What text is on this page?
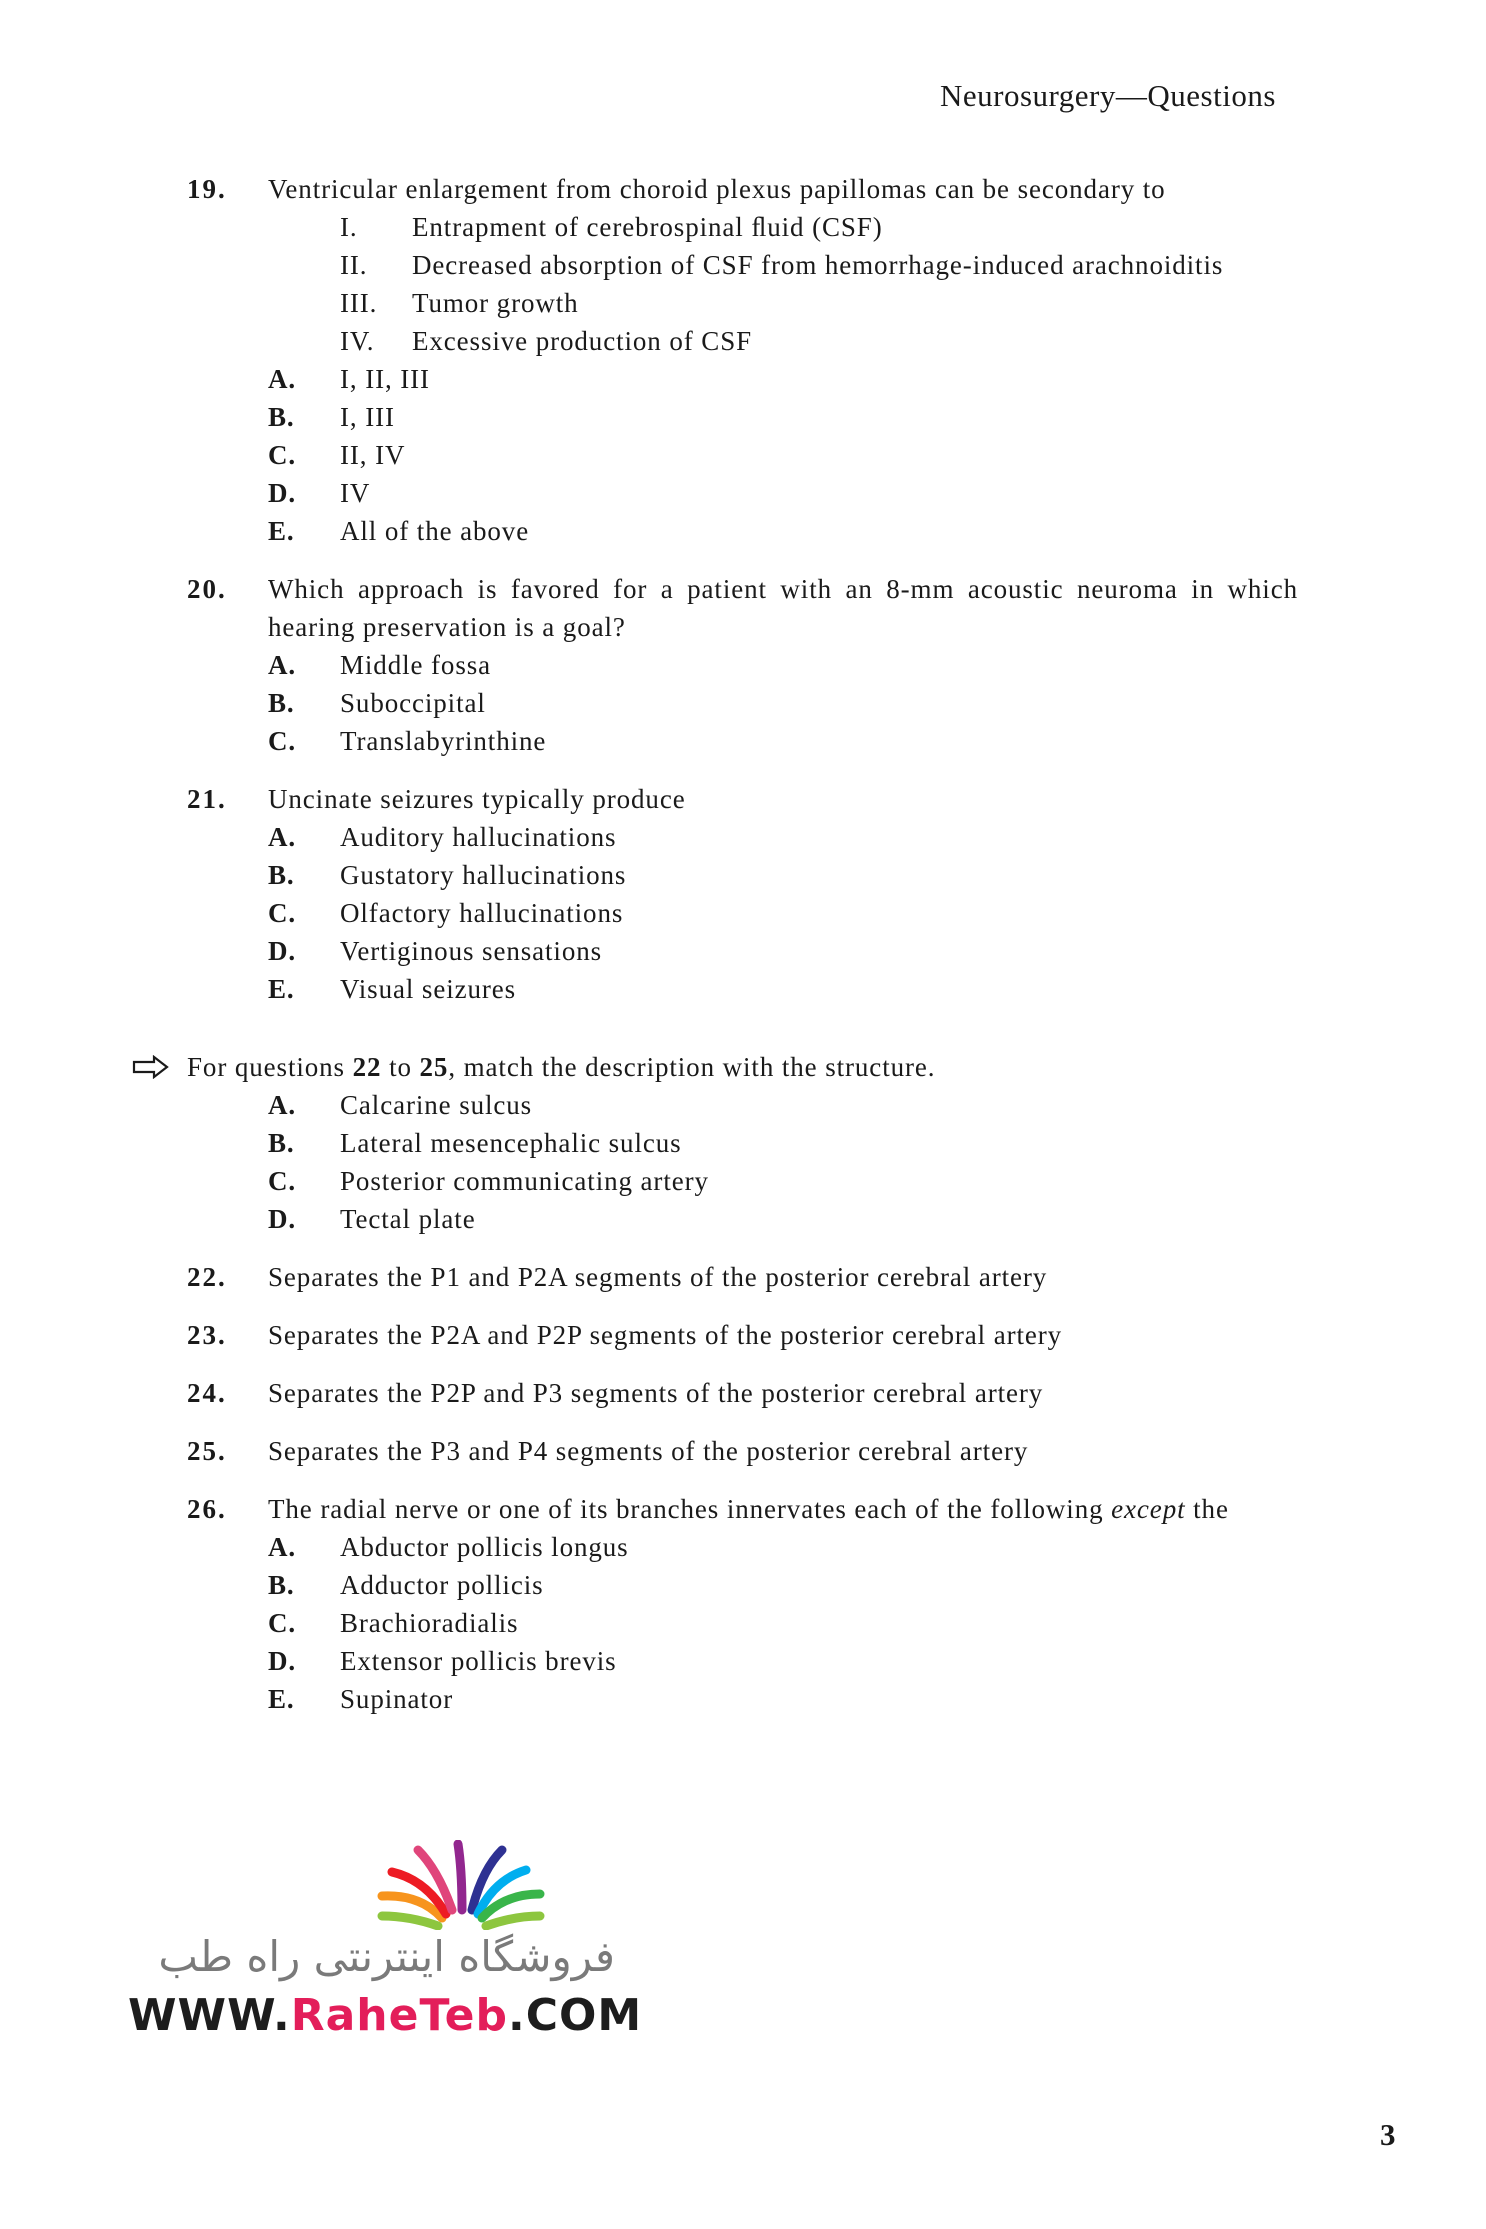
Neurosurgery—Questions
19. Ventricular enlargement from choroid plexus papillomas can be secondary to
I. Entrapment of cerebrospinal ﬂuid (CSF)
II. Decreased absorption of CSF from hemorrhage-induced arachnoiditis
III. Tumor growth
IV. Excessive production of CSF
A. I, II, III
B. I, III
C. II, IV
D. IV
E. All of the above
20. Which approach is favored for a patient with an 8-mm acoustic neuroma in which hearing preservation is a goal?
A. Middle fossa
B. Suboccipital
C. Translabyrinthine
21. Uncinate seizures typically produce
A. Auditory hallucinations
B. Gustatory hallucinations
C. Olfactory hallucinations
D. Vertiginous sensations
E. Visual seizures
For questions 22 to 25, match the description with the structure.
A. Calcarine sulcus
B. Lateral mesencephalic sulcus
C. Posterior communicating artery
D. Tectal plate
22. Separates the P1 and P2A segments of the posterior cerebral artery
23. Separates the P2A and P2P segments of the posterior cerebral artery
24. Separates the P2P and P3 segments of the posterior cerebral artery
25. Separates the P3 and P4 segments of the posterior cerebral artery
26. The radial nerve or one of its branches innervates each of the following except the
A. Abductor pollicis longus
B. Adductor pollicis
C. Brachioradialis
D. Extensor pollicis brevis
E. Supinator
فروشگاه اینترنتی راه طب
WWW.RaheTeb.COM
3
